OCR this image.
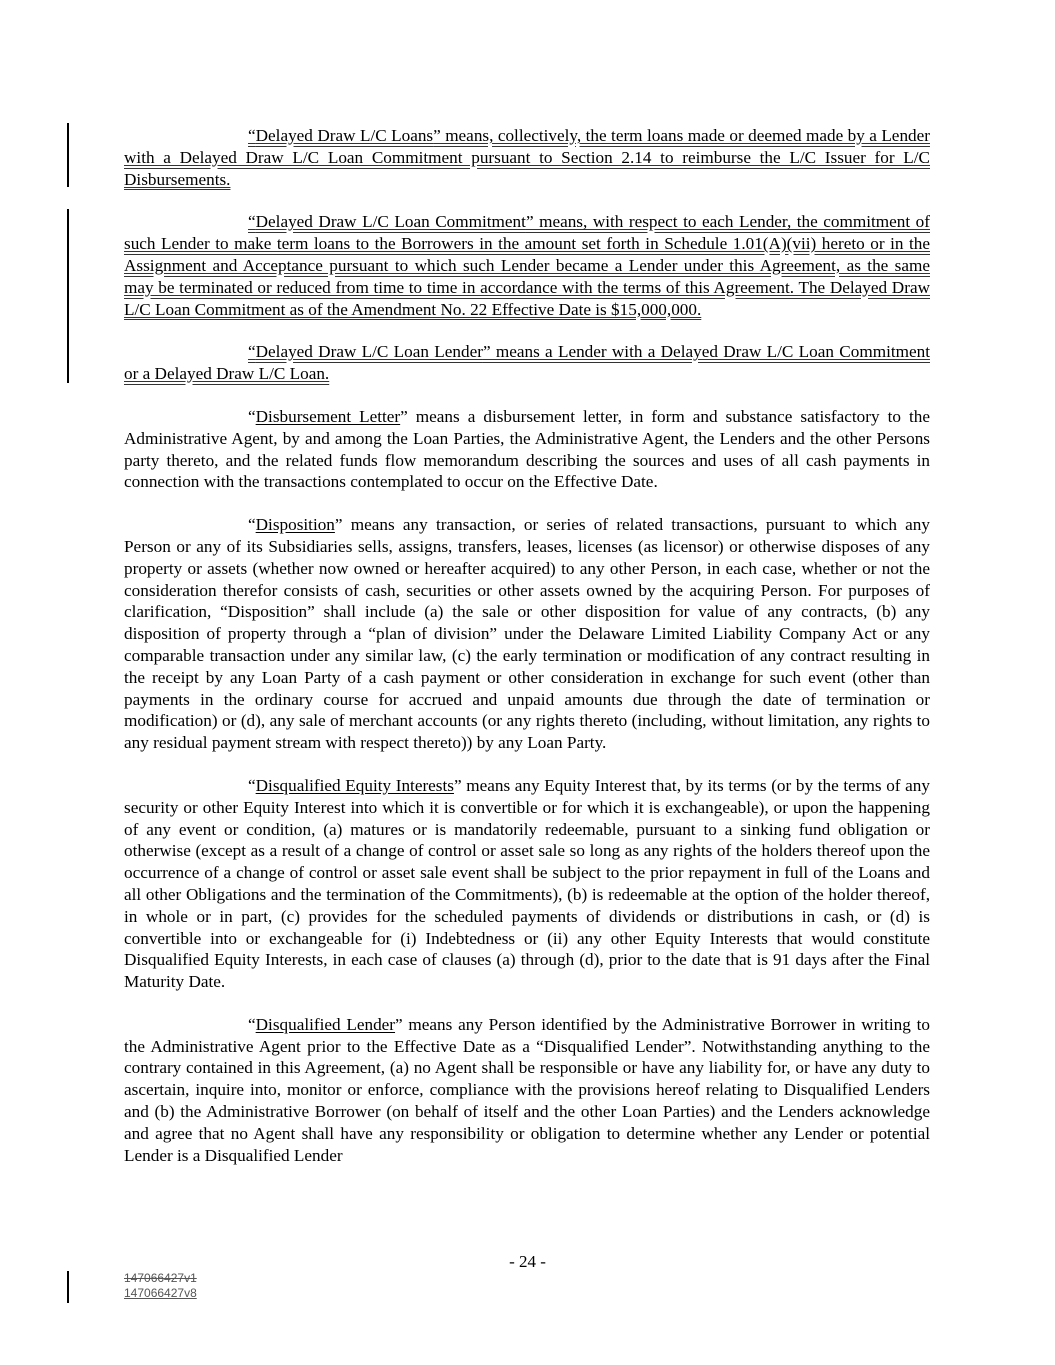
“Delayed Draw L/C Loans” means, collectively, the term loans made or deemed made by a Lender with a Delayed Draw L/C Loan Commitment pursuant to Section 2.14 to reimburse the L/C Issuer for L/C Disbursements.

“Delayed Draw L/C Loan Commitment” means, with respect to each Lender, the commitment of such Lender to make term loans to the Borrowers in the amount set forth in Schedule 1.01(A)(vii) hereto or in the Assignment and Acceptance pursuant to which such Lender became a Lender under this Agreement, as the same may be terminated or reduced from time to time in accordance with the terms of this Agreement. The Delayed Draw L/C Loan Commitment as of the Amendment No. 22 Effective Date is $15,000,000.

“Delayed Draw L/C Loan Lender” means a Lender with a Delayed Draw L/C Loan Commitment or a Delayed Draw L/C Loan.

“Disbursement Letter” means a disbursement letter, in form and substance satisfactory to the Administrative Agent, by and among the Loan Parties, the Administrative Agent, the Lenders and the other Persons party thereto, and the related funds flow memorandum describing the sources and uses of all cash payments in connection with the transactions contemplated to occur on the Effective Date.

“Disposition” means any transaction, or series of related transactions, pursuant to which any Person or any of its Subsidiaries sells, assigns, transfers, leases, licenses (as licensor) or otherwise disposes of any property or assets (whether now owned or hereafter acquired) to any other Person, in each case, whether or not the consideration therefor consists of cash, securities or other assets owned by the acquiring Person. For purposes of clarification, “Disposition” shall include (a) the sale or other disposition for value of any contracts, (b) any disposition of property through a “plan of division” under the Delaware Limited Liability Company Act or any comparable transaction under any similar law, (c) the early termination or modification of any contract resulting in the receipt by any Loan Party of a cash payment or other consideration in exchange for such event (other than payments in the ordinary course for accrued and unpaid amounts due through the date of termination or modification) or (d), any sale of merchant accounts (or any rights thereto (including, without limitation, any rights to any residual payment stream with respect thereto)) by any Loan Party.

“Disqualified Equity Interests” means any Equity Interest that, by its terms (or by the terms of any security or other Equity Interest into which it is convertible or for which it is exchangeable), or upon the happening of any event or condition, (a) matures or is mandatorily redeemable, pursuant to a sinking fund obligation or otherwise (except as a result of a change of control or asset sale so long as any rights of the holders thereof upon the occurrence of a change of control or asset sale event shall be subject to the prior repayment in full of the Loans and all other Obligations and the termination of the Commitments), (b) is redeemable at the option of the holder thereof, in whole or in part, (c) provides for the scheduled payments of dividends or distributions in cash, or (d) is convertible into or exchangeable for (i) Indebtedness or (ii) any other Equity Interests that would constitute Disqualified Equity Interests, in each case of clauses (a) through (d), prior to the date that is 91 days after the Final Maturity Date.

“Disqualified Lender” means any Person identified by the Administrative Borrower in writing to the Administrative Agent prior to the Effective Date as a “Disqualified Lender”. Notwithstanding anything to the contrary contained in this Agreement, (a) no Agent shall be responsible or have any liability for, or have any duty to ascertain, inquire into, monitor or enforce, compliance with the provisions hereof relating to Disqualified Lenders and (b) the Administrative Borrower (on behalf of itself and the other Loan Parties) and the Lenders acknowledge and agree that no Agent shall have any responsibility or obligation to determine whether any Lender or potential Lender is a Disqualified Lender

- 24 -
147066427v1
147066427v8
